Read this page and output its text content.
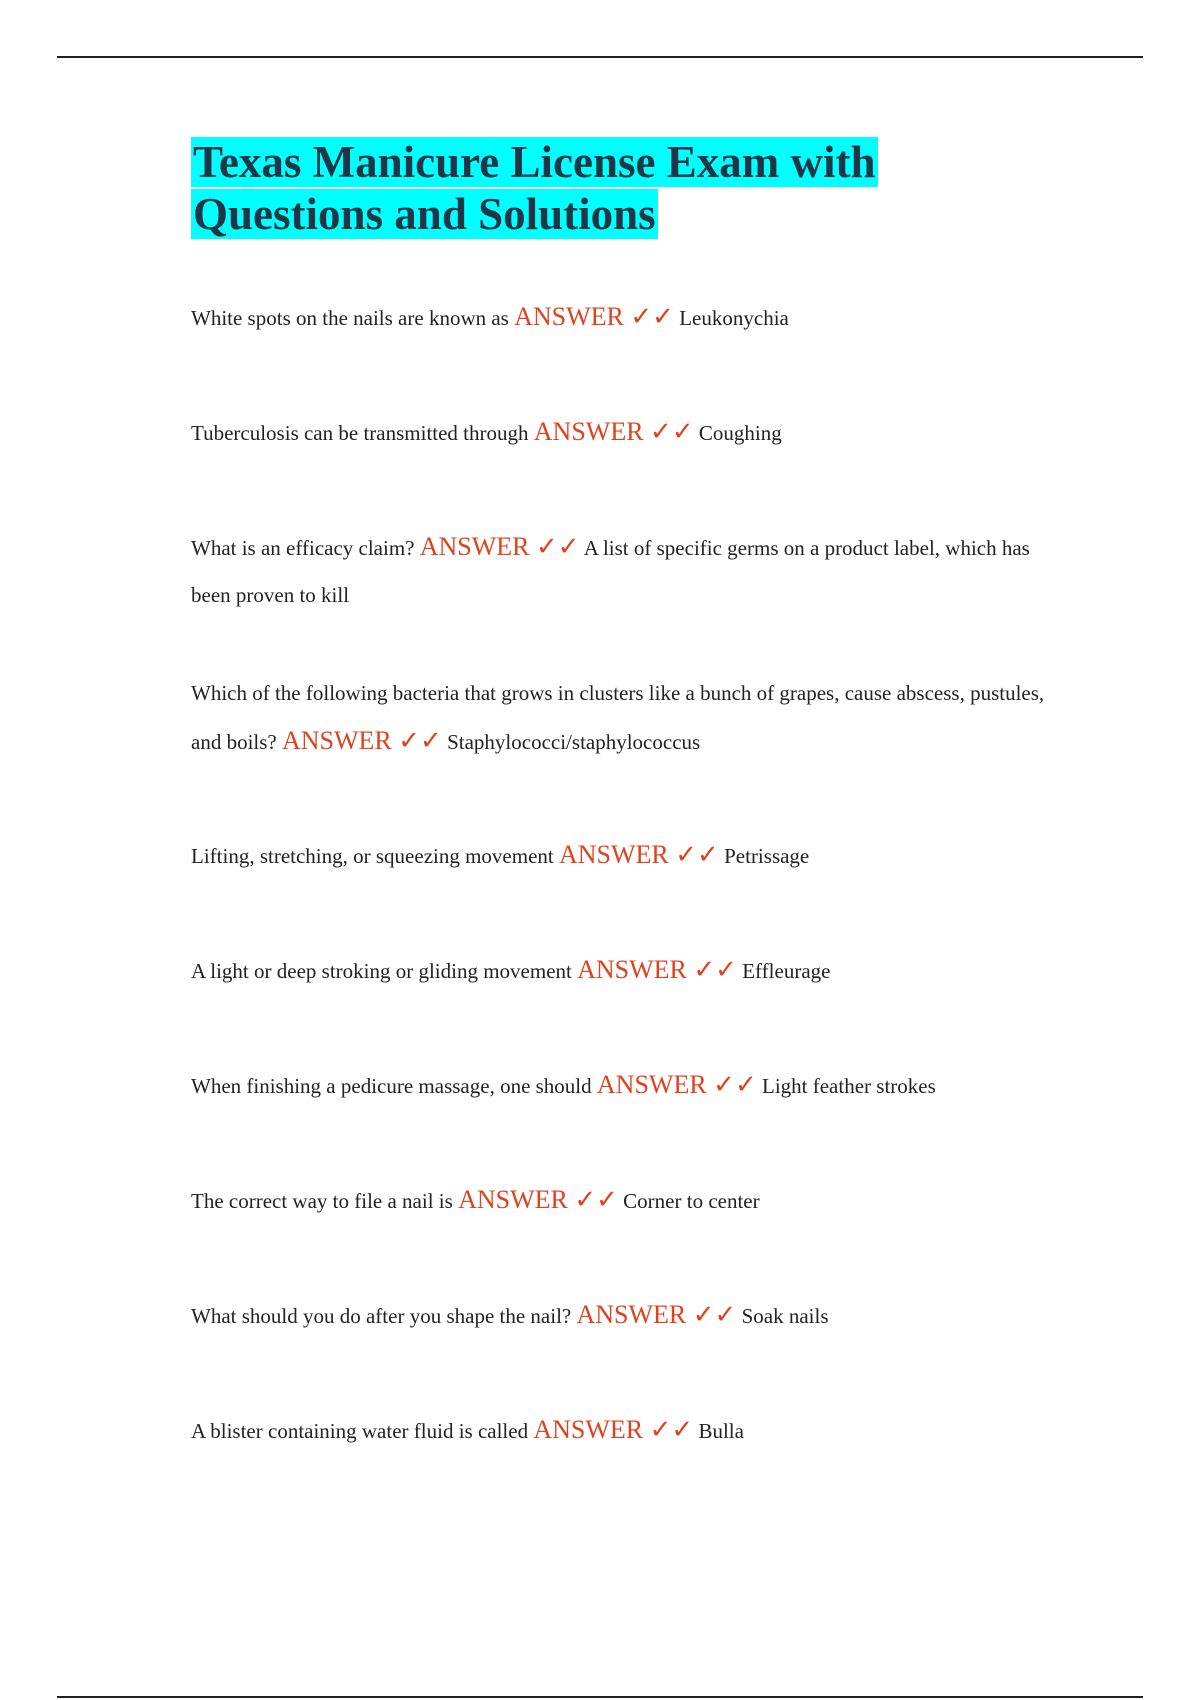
Texas Manicure License Exam with
Questions and Solutions
White spots on the nails are known as ANSWER ✓✓ Leukonychia
Tuberculosis can be transmitted through ANSWER ✓✓ Coughing
What is an efficacy claim? ANSWER ✓✓ A list of specific germs on a product label, which has been proven to kill
Which of the following bacteria that grows in clusters like a bunch of grapes, cause abscess, pustules, and boils? ANSWER ✓✓ Staphylococci/staphylococcus
Lifting, stretching, or squeezing movement ANSWER ✓✓ Petrissage
A light or deep stroking or gliding movement ANSWER ✓✓ Effleurage
When finishing a pedicure massage, one should ANSWER ✓✓ Light feather strokes
The correct way to file a nail is ANSWER ✓✓ Corner to center
What should you do after you shape the nail? ANSWER ✓✓ Soak nails
A blister containing water fluid is called ANSWER ✓✓ Bulla
